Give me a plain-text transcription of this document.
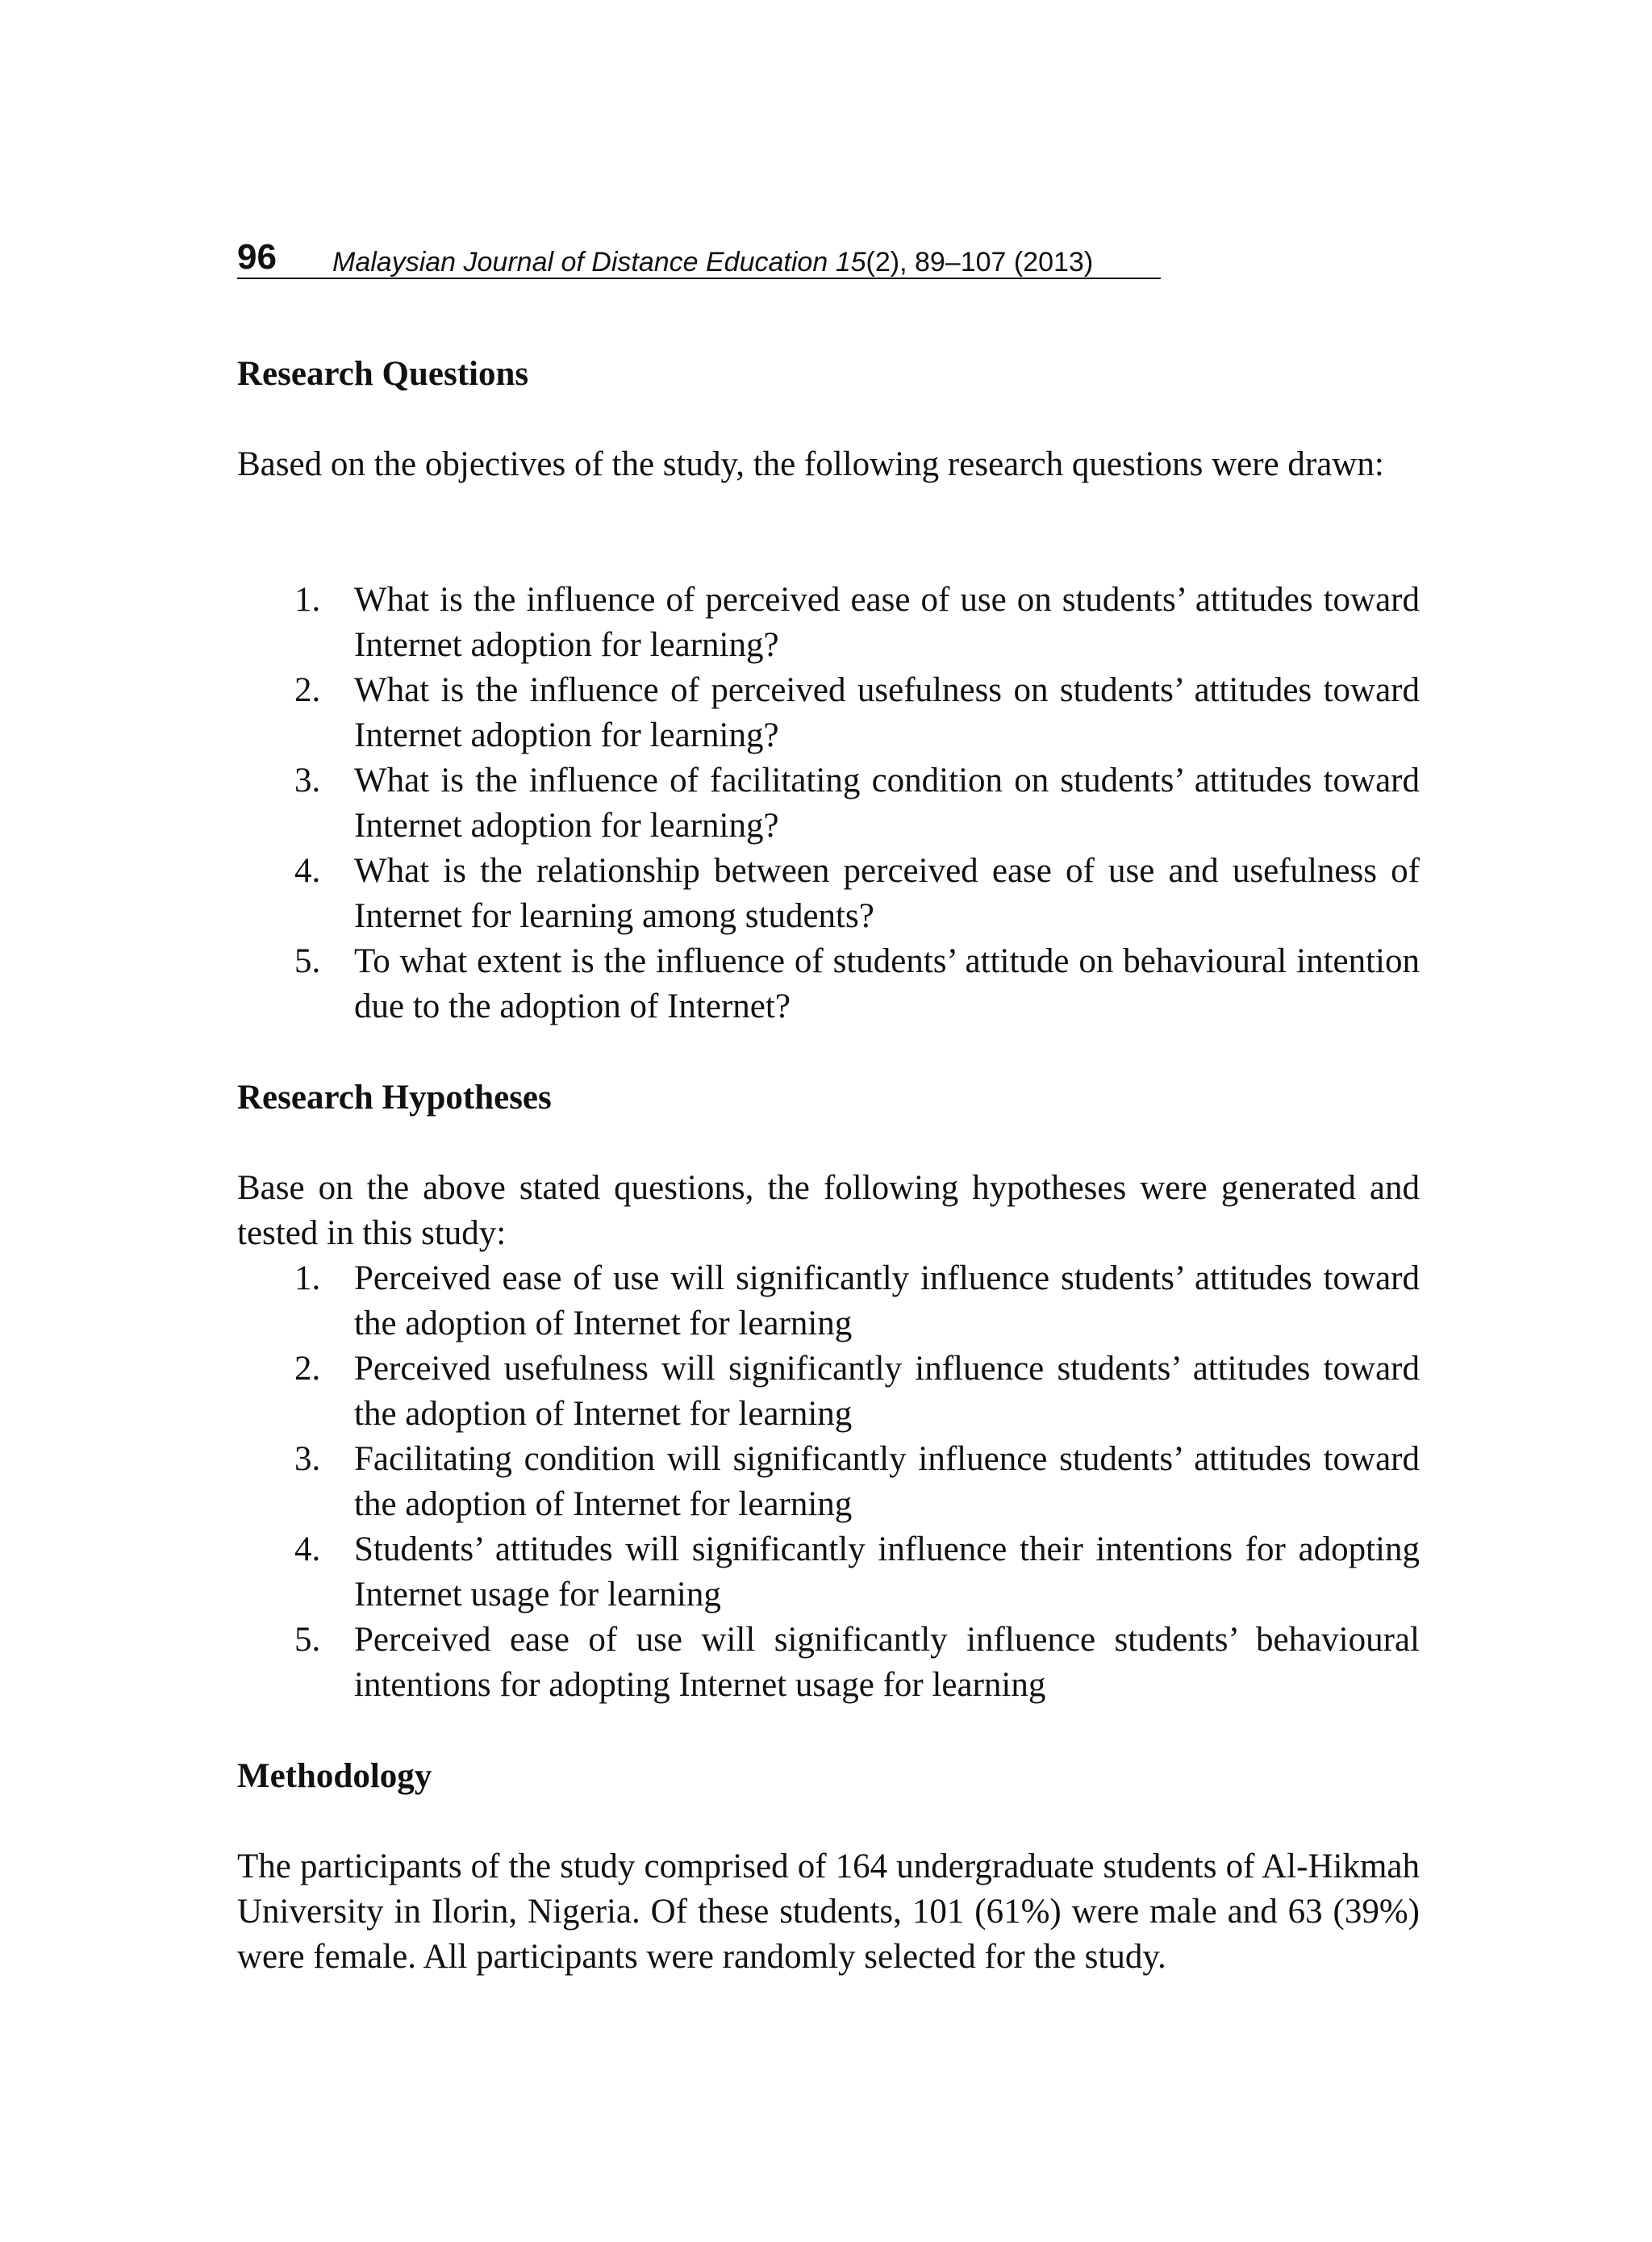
96 Malaysian Journal of Distance Education 15(2), 89–107 (2013)
Research Questions

Based on the objectives of the study, the following research questions were drawn:

1. What is the influence of perceived ease of use on students’ attitudes toward Internet adoption for learning?
2. What is the influence of perceived usefulness on students’ attitudes toward Internet adoption for learning?
3. What is the influence of facilitating condition on students’ attitudes toward Internet adoption for learning?
4. What is the relationship between perceived ease of use and usefulness of Internet for learning among students?
5. To what extent is the influence of students’ attitude on behavioural intention due to the adoption of Internet?
Research Hypotheses

Base on the above stated questions, the following hypotheses were generated and tested in this study:

1. Perceived ease of use will significantly influence students’ attitudes toward the adoption of Internet for learning
2. Perceived usefulness will significantly influence students’ attitudes toward the adoption of Internet for learning
3. Facilitating condition will significantly influence students’ attitudes toward the adoption of Internet for learning
4. Students’ attitudes will significantly influence their intentions for adopting Internet usage for learning
5. Perceived ease of use will significantly influence students’ behavioural intentions for adopting Internet usage for learning
Methodology

The participants of the study comprised of 164 undergraduate students of Al-Hikmah University in Ilorin, Nigeria. Of these students, 101 (61%) were male and 63 (39%) were female. All participants were randomly selected for the study.
